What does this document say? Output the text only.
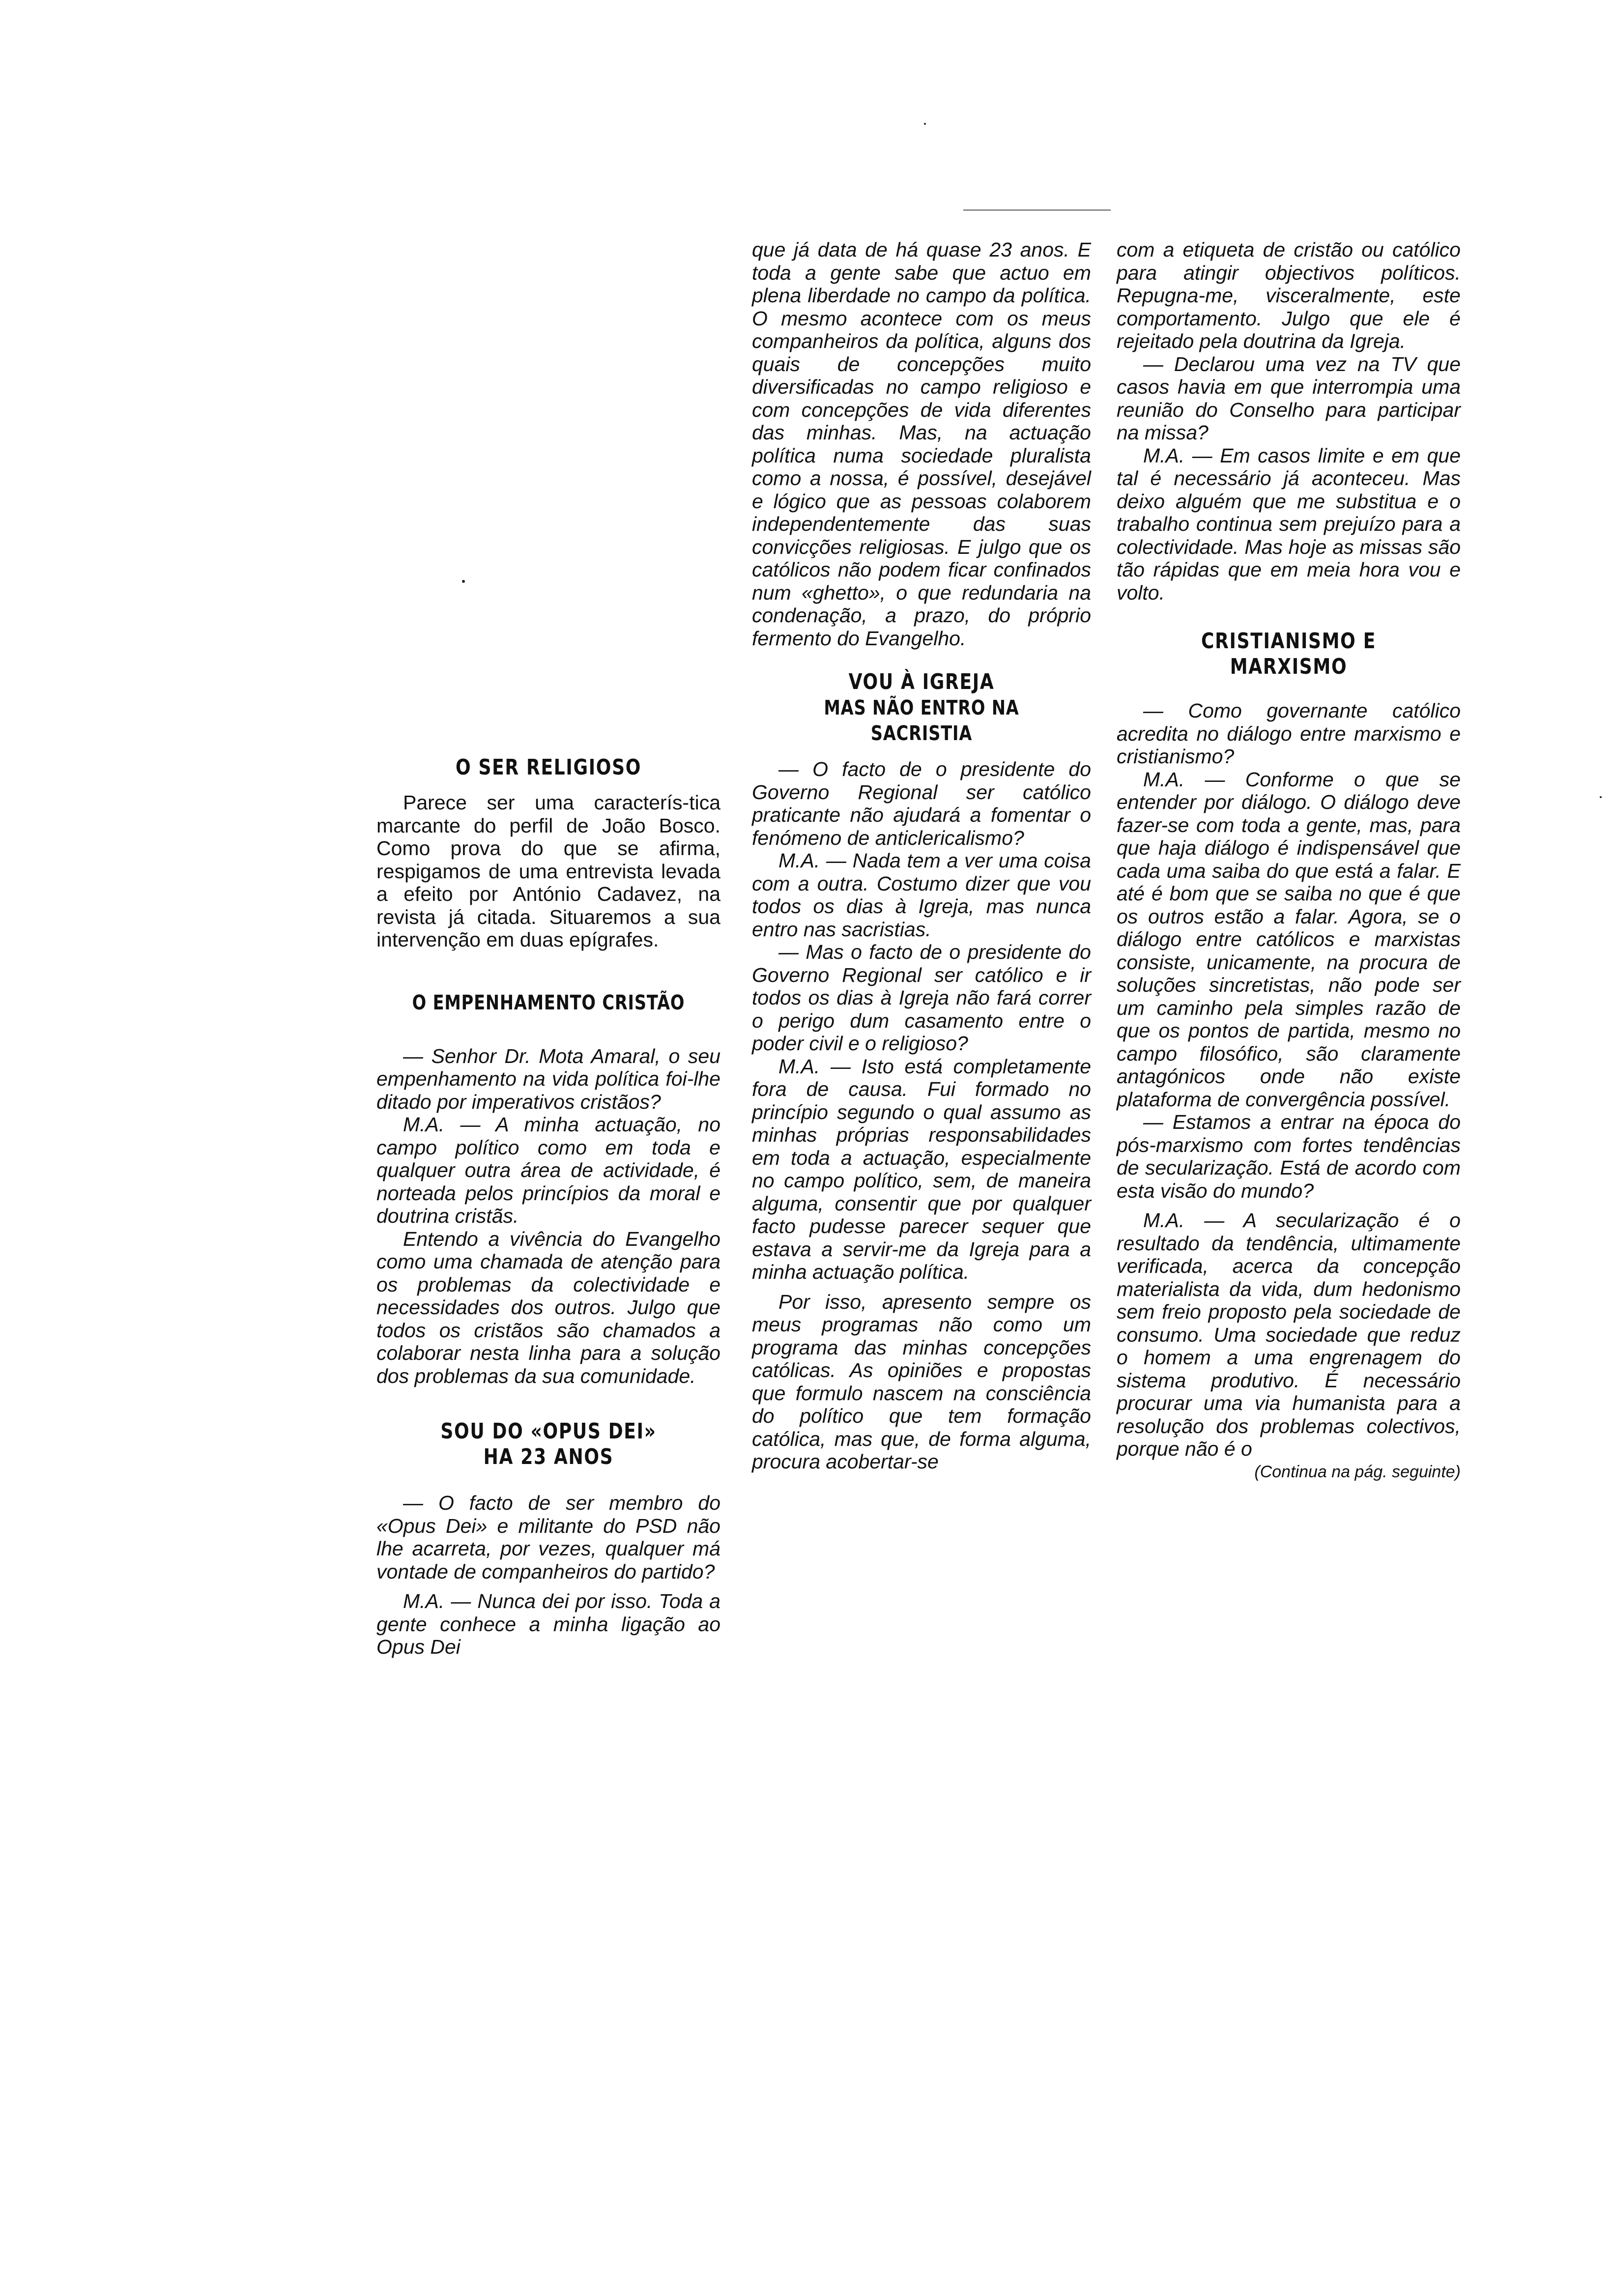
O SER RELIGIOSO

Parece ser uma caracterís-tica marcante do perfil de João Bosco. Como prova do que se afirma, respigamos de uma entrevista levada a efeito por António Cadavez, na revista já citada. Situaremos a sua intervenção em duas epígrafes.

O EMPENHAMENTO CRISTÃO

— Senhor Dr. Mota Amaral, o seu empenhamento na vida política foi-lhe ditado por imperativos cristãos?

M.A. — A minha actuação, no campo político como em toda e qualquer outra área de actividade, é norteada pelos princípios da moral e doutrina cristãs.

Entendo a vivência do Evangelho como uma chamada de atenção para os problemas da colectividade e necessidades dos outros. Julgo que todos os cristãos são chamados a colaborar nesta linha para a solução dos problemas da sua comunidade.

SOU DO «OPUS DEI»
HA 23 ANOS

— O facto de ser membro do «Opus Dei» e militante do PSD não lhe acarreta, por vezes, qualquer má vontade de companheiros do partido?

M.A. — Nunca dei por isso. Toda a gente conhece a minha ligação ao Opus Dei

que já data de há quase 23 anos. E toda a gente sabe que actuo em plena liberdade no campo da política. O mesmo acontece com os meus companheiros da política, alguns dos quais de concepções muito diversificadas no campo religioso e com concepções de vida diferentes das minhas. Mas, na actuação política numa sociedade pluralista como a nossa, é possível, desejável e lógico que as pessoas colaborem independentemente das suas convicções religiosas. E julgo que os católicos não podem ficar confinados num «ghetto», o que redundaria na condenação, a prazo, do próprio fermento do Evangelho.

VOU À IGREJA
MAS NÃO ENTRO NA SACRISTIA

— O facto de o presidente do Governo Regional ser católico praticante não ajudará a fomentar o fenómeno de anticlericalismo?

M.A. — Nada tem a ver uma coisa com a outra. Costumo dizer que vou todos os dias à Igreja, mas nunca entro nas sacristias.

— Mas o facto de o presidente do Governo Regional ser católico e ir todos os dias à Igreja não fará correr o perigo dum casamento entre o poder civil e o religioso?

M.A. — Isto está completamente fora de causa. Fui formado no princípio segundo o qual assumo as minhas próprias responsabilidades em toda a actuação, especialmente no campo político, sem, de maneira alguma, consentir que por qualquer facto pudesse parecer sequer que estava a servir-me da Igreja para a minha actuação política.

Por isso, apresento sempre os meus programas não como um programa das minhas concepções católicas. As opiniões e propostas que formulo nascem na consciência do político que tem formação católica, mas que, de forma alguma, procura acobertar-se

com a etiqueta de cristão ou católico para atingir objectivos políticos. Repugna-me, visceralmente, este comportamento. Julgo que ele é rejeitado pela doutrina da Igreja.

— Declarou uma vez na TV que casos havia em que interrompia uma reunião do Conselho para participar na missa?

M.A. — Em casos limite e em que tal é necessário já aconteceu. Mas deixo alguém que me substitua e o trabalho continua sem prejuízo para a colectividade. Mas hoje as missas são tão rápidas que em meia hora vou e volto.

CRISTIANISMO E MARXISMO

— Como governante católico acredita no diálogo entre marxismo e cristianismo?

M.A. — Conforme o que se entender por diálogo. O diálogo deve fazer-se com toda a gente, mas, para que haja diálogo é indispensável que cada uma saiba do que está a falar. E até é bom que se saiba no que é que os outros estão a falar. Agora, se o diálogo entre católicos e marxistas consiste, unicamente, na procura de soluções sincretistas, não pode ser um caminho pela simples razão de que os pontos de partida, mesmo no campo filosófico, são claramente antagónicos onde não existe plataforma de convergência possível.

— Estamos a entrar na época do pós-marxismo com fortes tendências de secularização. Está de acordo com esta visão do mundo?

M.A. — A secularização é o resultado da tendência, ultimamente verificada, acerca da concepção materialista da vida, dum hedonismo sem freio proposto pela sociedade de consumo. Uma sociedade que reduz o homem a uma engrenagem do sistema produtivo. É necessário procurar uma via humanista para a resolução dos problemas colectivos, porque não é o

(Continua na pág. seguinte)
